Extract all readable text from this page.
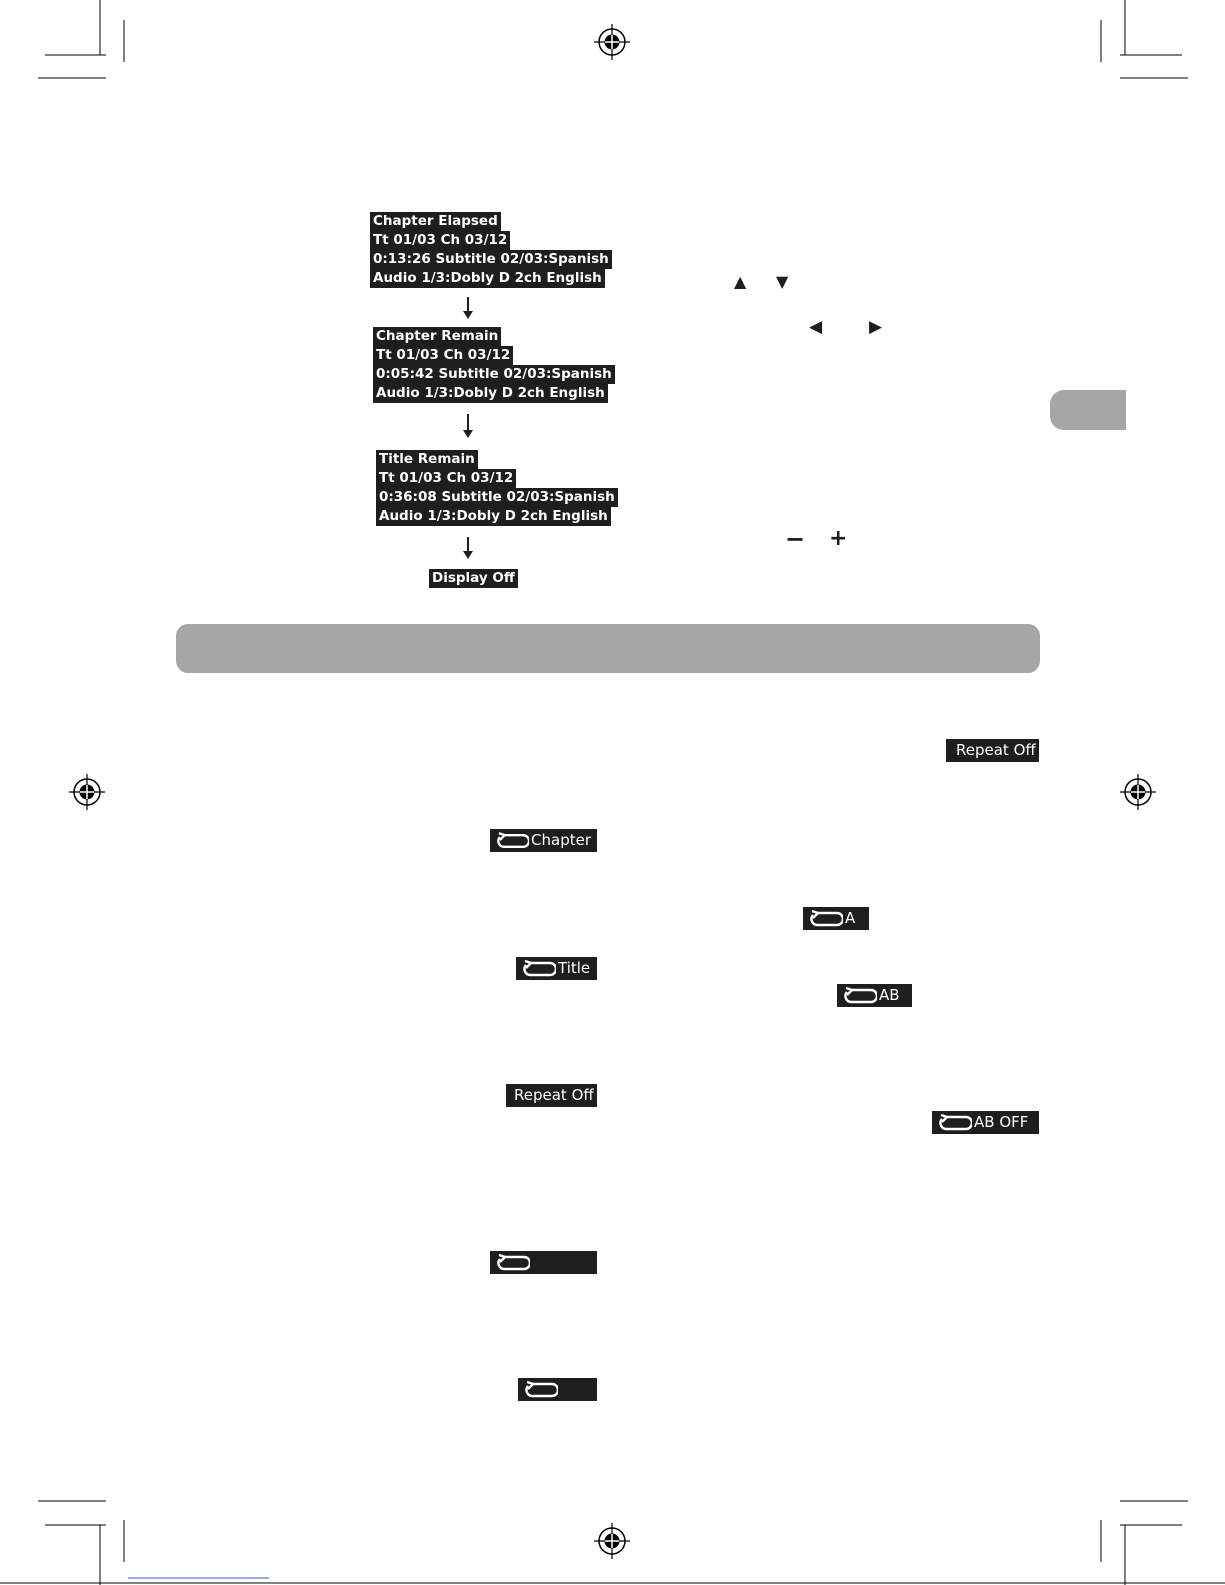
Chapter Elapsed
Tt 01/03 Ch 03/12
0:13:26 Subtitle 02/03:Spanish
Audio 1/3:Dobly D 2ch English
Chapter Remain
Tt 01/03 Ch 03/12
0:05:42 Subtitle 02/03:Spanish
Audio 1/3:Dobly D 2ch English
Title Remain
Tt 01/03 Ch 03/12
0:36:08 Subtitle 02/03:Spanish
Audio 1/3:Dobly D 2ch English
Display Off
▲ ▼
◀	▶
− +
Chapter
Title
Repeat Off
Repeat Off
A
AB
AB OFF
